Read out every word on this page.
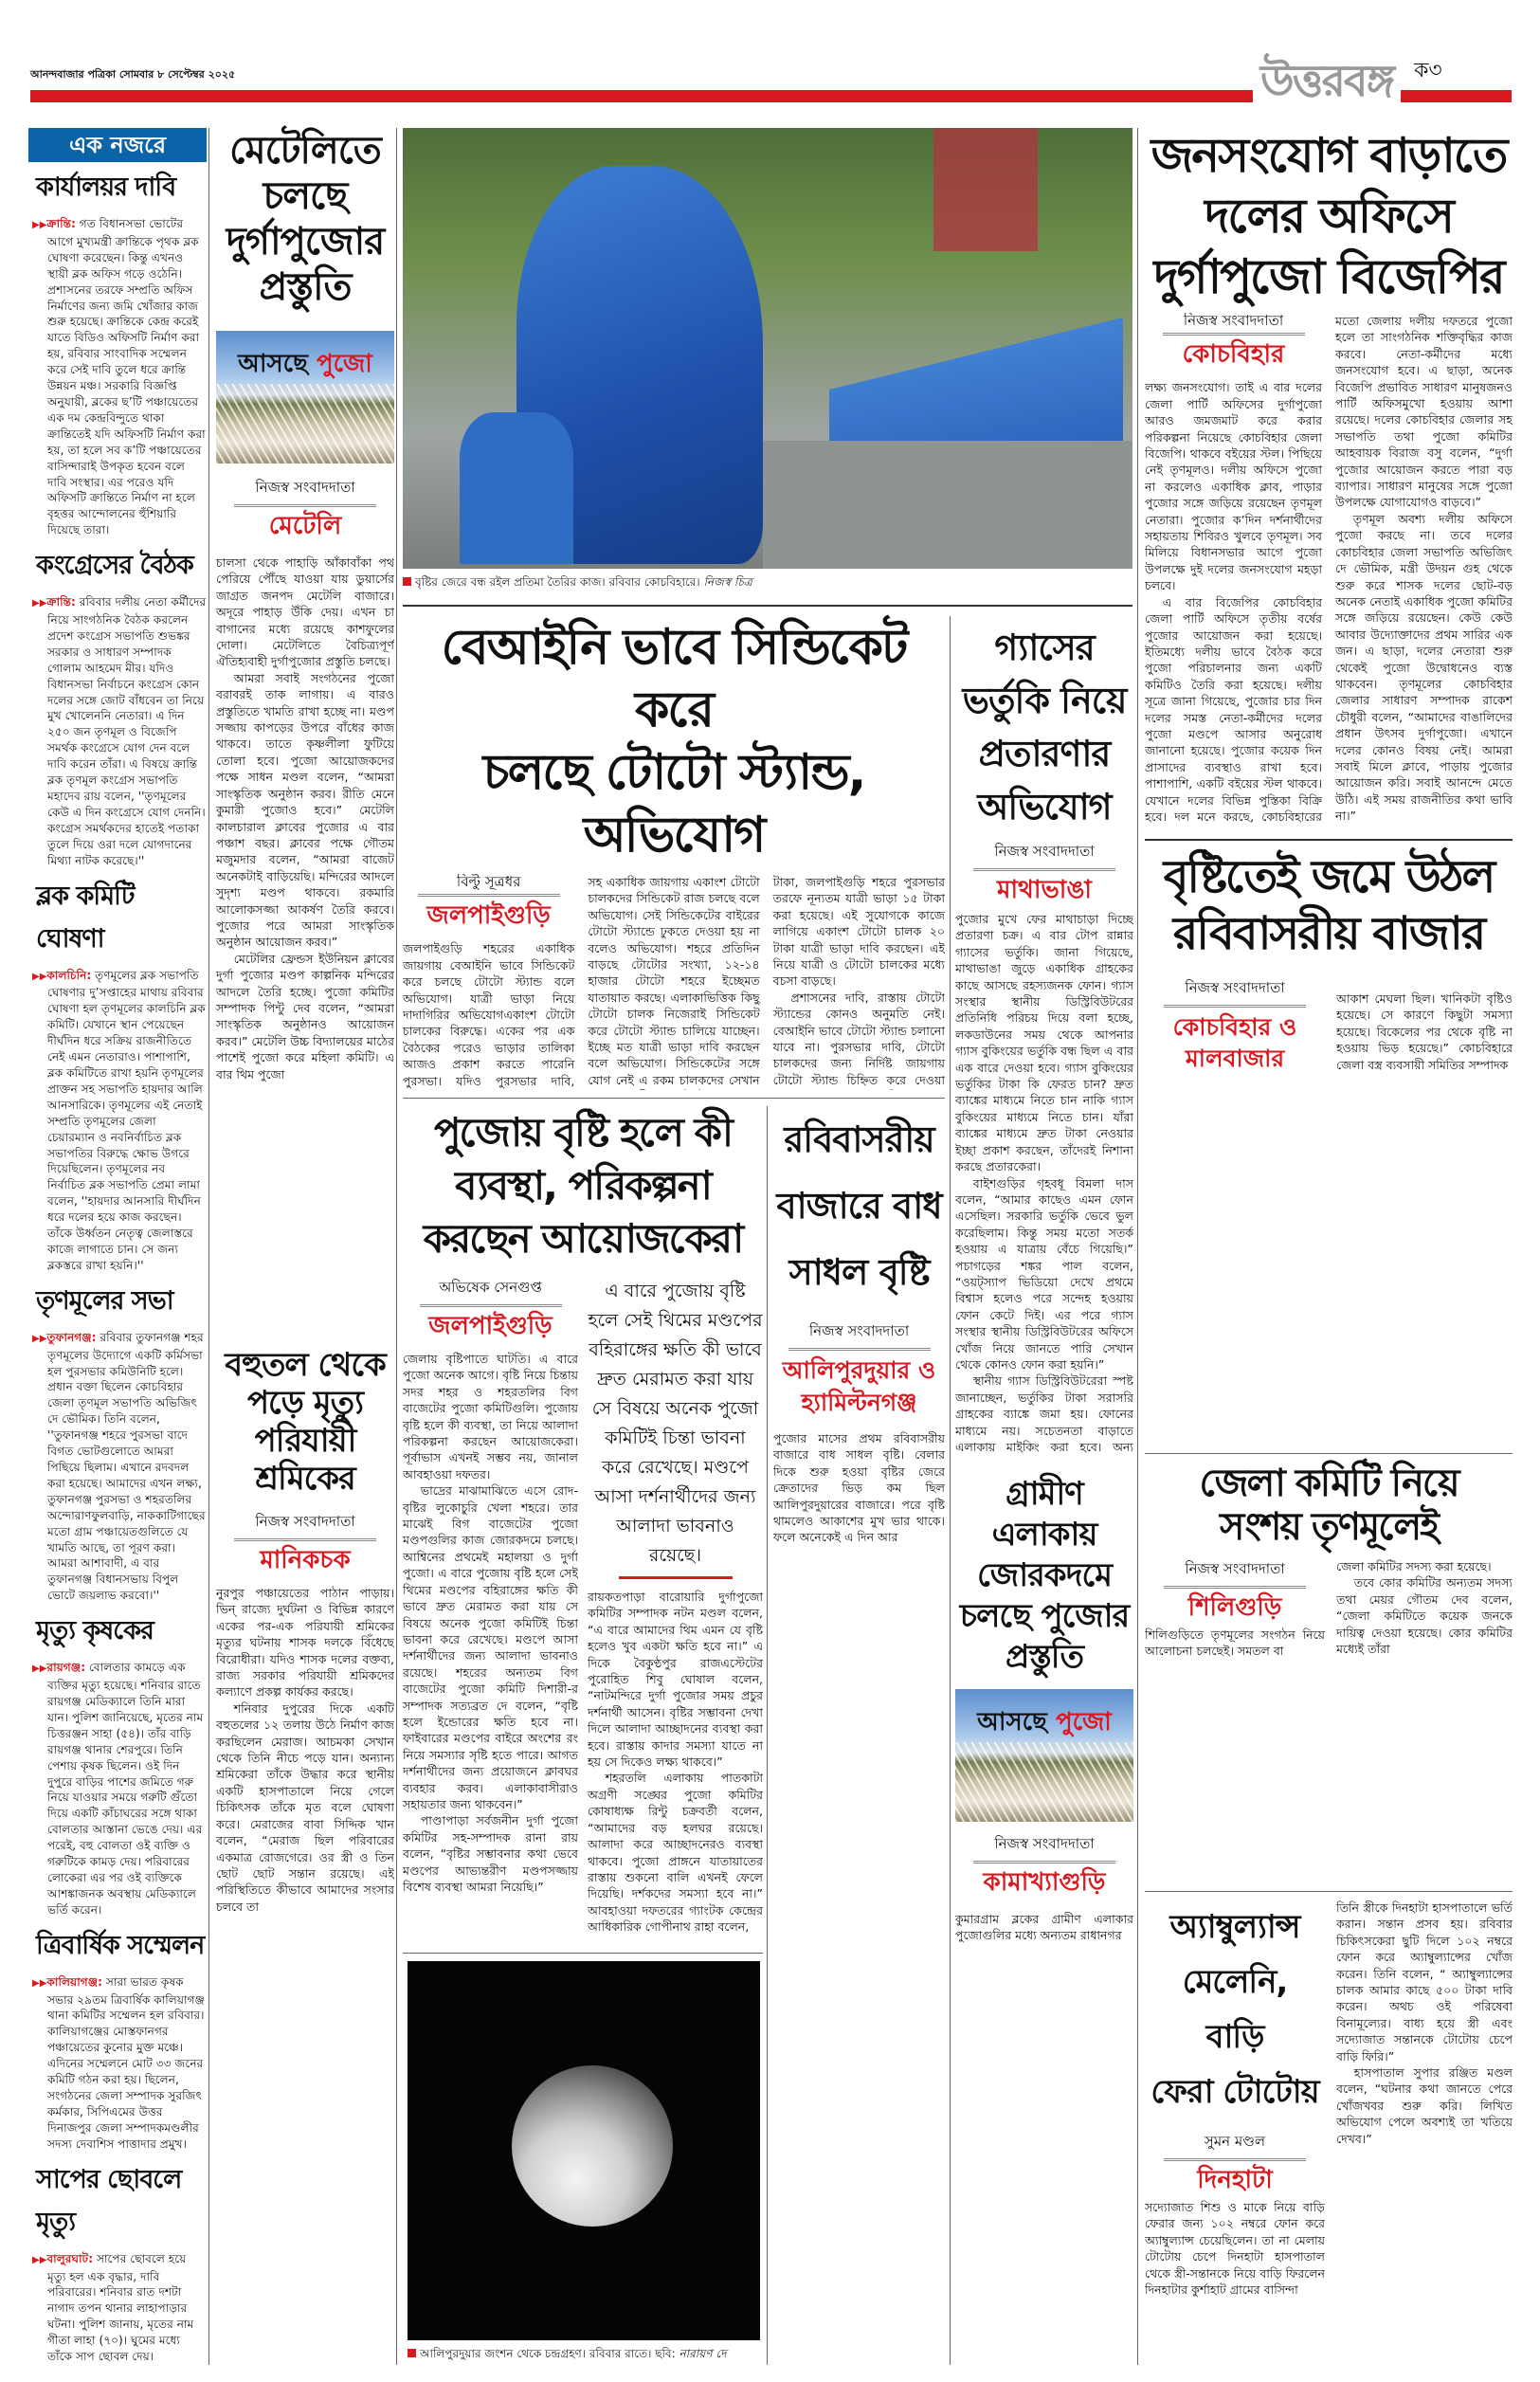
আনন্দবাজার পত্রিকা সোমবার ৮ সেপ্টেম্বর ২০২৫	উত্তরবঙ্গ	ক৩
এক নজরে
কার্যালয়র দাবি
▶▶ক্রান্তি: গত বিধানসভা ভোটের আগে মুখ্যমন্ত্রী ক্রান্তিকে পৃথক ব্লক ঘোষণা করেছেন। কিন্তু এখনও স্থায়ী ব্লক অফিস গড়ে ওঠেনি। প্রশাসনের তরফে সম্প্রতি অফিস নির্মাণের জন্য জমি খোঁজার কাজ শুরু হয়েছে। ক্রান্তিকে কেন্দ্র করেই যাতে বিডিও অফিসটি নির্মাণ করা হয়, রবিবার সাংবাদিক সম্মেলন করে সেই দাবি তুলে ধরে ক্রান্তি উন্নয়ন মঞ্চ। সরকারি বিজ্ঞপ্তি অনুযায়ী, ব্লকের ছ’টি পঞ্চায়েতের এক দম কেন্দ্রবিন্দুতে থাকা ক্রান্তিতেই যদি অফিসটি নির্মাণ করা হয়, তা হলে সব ক’টি পঞ্চায়েতের বাসিন্দারাই উপকৃত হবেন বলে দাবি সংস্থার। এর পরেও যদি অফিসটি ক্রান্তিতে নির্মাণ না হলে বৃহত্তর আন্দোলনের হুঁশিয়ারি দিয়েছে তারা।
কংগ্রেসের বৈঠক
▶▶ক্রান্তি: রবিবার দলীয় নেতা কর্মীদের নিয়ে সাংগঠনিক বৈঠক করলেন প্রদেশ কংগ্রেস সভাপতি শুভঙ্কর সরকার ও সাধারণ সম্পাদক গোলাম আহমেদ মীর। যদিও বিধানসভা নির্বাচনে কংগ্রেস কোন দলের সঙ্গে জোট বাঁধবেন তা নিয়ে মুখ খোলেননি নেতারা। এ দিন ২৫০ জন তৃণমূল ও বিজেপি সমর্থক কংগ্রেসে যোগ দেন বলে দাবি করেন তাঁরা। এ বিষয়ে ক্রান্তি ব্লক তৃণমূল কংগ্রেস সভাপতি মহাদেব রায় বলেন, ''তৃণমূলের কেউ এ দিন কংগ্রেসে যোগ দেননি। কংগ্রেস সমর্থকদের হাতেই পতাকা তুলে দিয়ে ওরা দলে যোগদানের মিথ্যা নাটক করেছে।''
ব্লক কমিটি ঘোষণা
▶▶কালচিনি: তৃণমূলের ব্লক সভাপতি ঘোষণার দু’সপ্তাহের মাথায় রবিবার ঘোষণা হল তৃণমূলের কালচিনি ব্লক কমিটি। যেখানে স্থান পেয়েছেন দীর্ঘদিন ধরে সক্রিয় রাজনীতিতে নেই এমন নেতারাও। পাশাপাশি, ব্লক কমিটিতে রাখা হয়নি তৃণমূলের প্রাক্তন সহ সভাপতি হায়দার আলি আনসারিকে। তৃণমূলের এই নেতাই সম্প্রতি তৃণমূলের জেলা চেয়ারম্যান ও নবনির্বাচিত ব্লক সভাপতির বিরুদ্ধে ক্ষোভ উগরে দিয়েছিলেন। তৃণমূলের নব নির্বাচিত ব্লক সভাপতি প্রেমা লামা বলেন, ''হায়দার আনসারি দীর্ঘদিন ধরে দলের হয়ে কাজ করছেন। তাঁকে উর্ধ্বতন নেতৃত্ব জেলাস্তরে কাজে লাগাতে চান। সে জন্য ব্লকস্তরে রাখা হয়নি।''
তৃণমূলের সভা
▶▶তুফানগঞ্জ: রবিবার তুফানগঞ্জ শহর তৃণমূলের উদ্যোগে একটি কর্মিসভা হল পুরসভার কমিউনিটি হলে। প্রধান বক্তা ছিলেন কোচবিহার জেলা তৃণমূল সভাপতি অভিজিৎ দে ভৌমিক। তিনি বলেন, ''তুফানগঞ্জ শহরে পুরসভা বাদে বিগত ভোটগুলোতে আমরা পিছিয়ে ছিলাম। এখানে রদবদল করা হয়েছে। আমাদের এখন লক্ষ্য, তুফানগঞ্জ পুরসভা ও শহরতলির অন্দোরাণফুলবাড়ি, নাককাটিগাছের মতো গ্রাম পঞ্চায়েতগুলিতে যে খামতি আছে, তা পূরণ করা। আমরা আশাবাদী, এ বার তুফানগঞ্জ বিধানসভায় বিপুল ভোটে জয়লাভ করবো।''
মৃত্যু কৃষকের
▶▶রায়গঞ্জ: বোলতার কামড়ে এক ব্যক্তির মৃত্যু হয়েছে। শনিবার রাতে রায়গঞ্জ মেডিক্যালে তিনি মারা যান। পুলিশ জানিয়েছে, মৃতের নাম চিত্তরঞ্জন সাহা (৫৪)। তাঁর বাড়ি রায়গঞ্জ থানার শেরপুরে। তিনি পেশায় কৃষক ছিলেন। ওই দিন দুপুরে বাড়ির পাশের জমিতে গরু নিয়ে যাওয়ার সময়ে গরুটি গুঁতো দিয়ে একটি কাঁচাঘরের সঙ্গে থাকা বোলতার আস্তানা ভেঙে দেয়। এর পরেই, বহু বোলতা ওই ব্যক্তি ও গরুটিকে কামড় দেয়। পরিবারের লোকেরা এর পর ওই ব্যক্তিকে আশঙ্কাজনক অবস্থায় মেডিক্যালে ভর্তি করেন।
ত্রিবার্ষিক সম্মেলন
▶▶কালিয়াগঞ্জ: সারা ভারত কৃষক সভার ২৯তম ত্রিবার্ষিক কালিয়াগঞ্জ থানা কমিটির সম্মেলন হল রবিবার। কালিয়াগঞ্জের মোস্তফানগর পঞ্চায়েতের কুনোর মুক্ত মঞ্চে। এদিনের সম্মেলনে মোট ৩৩ জনের কমিটি গঠন করা হয়। ছিলেন, সংগঠনের জেলা সম্পাদক সুরজিৎ কর্মকার, সিপিএমের উত্তর দিনাজপুর জেলা সম্পাদকমণ্ডলীর সদস্য দেবাশিস পাত্তাদার প্রমুখ।
সাপের ছোবলে মৃত্যু
▶▶বালুরঘাট: সাপের ছোবলে হয়ে মৃত্যু হল এক বৃদ্ধার, দাবি পরিবারের। শনিবার রাত দশটা নাগাদ তপন থানার লাহাপাড়ার ঘটনা। পুলিশ জানায়, মৃতের নাম গীতা লাহা (৭০)। ঘুমের মধ্যে তাঁকে সাপ ছোবল দেয়।
মেটেলিতে
চলছে
দুর্গাপুজোর
প্রস্তুতি
আসছে পুজো
নিজস্ব সংবাদদাতা
মেটেলি

চালসা থেকে পাহাড়ি আঁকাবাঁকা পথ পেরিয়ে পৌঁছে যাওয়া যায় ডুয়ার্সের জাগ্রত জনপদ মেটেলি বাজারে। অদূরে পাহাড় উঁকি দেয়। এখন চা বাগানের মধ্যে রয়েছে কাশফুলের দোলা। মেটেলিতে বৈচিত্র্যপূর্ণ ঐতিহ্যবাহী দুর্গাপুজোর প্রস্তুতি চলছে।

আমরা সবাই সংগঠনের পুজো বরাবরই তাক লাগায়। এ বারও প্রস্তুতিতে খামতি রাখা হচ্ছে না। মণ্ডপ সজ্জায় কাপড়ের উপরে বাঁধের কাজ থাকবে। তাতে কৃষ্ণলীলা ফুটিয়ে তোলা হবে। পুজো আয়োজকদের পক্ষে সাধন মণ্ডল বলেন, “আমরা সাংস্কৃতিক অনুষ্ঠান করব। রীতি মেনে কুমারী পুজোও হবে।” মেটেলি কালচারাল ক্লাবের পুজোর এ বার পঞ্চাশ বছর। ক্লাবের পক্ষে গৌতম মজুমদার বলেন, “আমরা বাজেট অনেকটাই বাড়িয়েছি। মন্দিরের আদলে সুদৃশ্য মণ্ডপ থাকবে। রকমারি আলোকসজ্জা আকর্ষণ তৈরি করবে। পুজোর পরে আমরা সাংস্কৃতিক অনুষ্ঠান আয়োজন করব।”

মেটেলির ফ্রেন্ডস ইউনিয়ন ক্লাবের দুর্গা পুজোর মণ্ডপ কাল্পনিক মন্দিরের আদলে তৈরি হচ্ছে। পুজো কমিটির সম্পাদক পিন্টু দেব বলেন, “আমরা সাংস্কৃতিক অনুষ্ঠানও আয়োজন করব।” মেটেলি উচ্চ বিদ্যালয়ের মাঠের পাশেই পুজো করে মহিলা কমিটি। এ বার থিম পুজো

বহুতল থেকে
পড়ে মৃত্যু
পরিযায়ী
শ্রমিকের
নিজস্ব সংবাদদাতা
মানিকচক

নুরপুর পঞ্চায়েতের পাঠান পাড়ায়। ভিন্ রাজ্যে দুর্ঘটনা ও বিভিন্ন কারণে একের পর-এক পরিযায়ী শ্রমিকের মৃত্যুর ঘটনায় শাসক দলকে বিঁধেছে বিরোধীরা। যদিও শাসক দলের বক্তব্য, রাজ্য সরকার পরিযায়ী শ্রমিকদের কল্যাণে প্রকল্প কার্যকর করছে।

শনিবার দুপুরের দিকে একটি বহুতলের ১২ তলায় উঠে নির্মাণ কাজ করছিলেন মেরাজ। আচমকা সেখান থেকে তিনি নীচে পড়ে যান। অন্যান্য শ্রমিকেরা তাঁকে উদ্ধার করে স্থানীয় একটি হাসপাতালে নিয়ে গেলে চিকিৎসক তাঁকে মৃত বলে ঘোষণা করে। মেরাজের বাবা সিদ্দিক খান বলেন, “মেরাজ ছিল পরিবারের একমাত্র রোজগেরে। ওর স্ত্রী ও তিন ছোট ছোট সন্তান রয়েছে। এই পরিস্থিতিতে কীভাবে আমাদের সংসার চলবে তা

বৃষ্টির জেরে বন্ধ রইল প্রতিমা তৈরির কাজ। রবিবার কোচবিহারে। নিজস্ব চিত্র
বেআইনি ভাবে সিন্ডিকেট করে
চলছে টোটো স্ট্যান্ড, অভিযোগ
বিল্টু সূত্রধর
জলপাইগুড়ি

জলপাইগুড়ি শহরের একাধিক জায়গায় বেআইনি ভাবে সিন্ডিকেট করে চলছে টোটো স্ট্যান্ড বলে অভিযোগ। যাত্রী ভাড়া নিয়ে দাদাগিরির অভিযোগএকাংশ টোটো চালকের বিরুদ্ধে। একের পর এক বৈঠকের পরেও ভাড়ার তালিকা আজও প্রকাশ করতে পারেনি পুরসভা। যদিও পুরসভার দাবি,

সহ একাধিক জায়গায় একাংশ টোটো চালকদের সিন্ডিকেট রাজ চলছে বলে অভিযোগ। সেই সিন্ডিকেটের বাইরের টোটো স্ট্যান্ডে ঢুকতে দেওয়া হয় না বলেও অভিযোগ। শহরে প্রতিদিন বাড়ছে টোটোর সংখ্যা, ১২-১৪ হাজার টোটো শহরে ইচ্ছেমত যাতায়াত করছে। এলাকাভিত্তিক কিছু টোটো চালক নিজেরাই সিন্ডিকেট করে টোটো স্ট্যান্ড চালিয়ে যাচ্ছেন। ইচ্ছে মত যাত্রী ভাড়া দাবি করছেন বলে অভিযোগ। সিন্ডিকেটের সঙ্গে যোগ নেই এ রকম চালকদের সেখান

টাকা, জলপাইগুড়ি শহরে পুরসভার তরফে নূন্যতম যাত্রী ভাড়া ১৫ টাকা করা হয়েছে। এই সুযোগকে কাজে লাগিয়ে একাংশ টোটো চালক ২০ টাকা যাত্রী ভাড়া দাবি করছেন। এই নিয়ে যাত্রী ও টোটো চালকের মধ্যে বচসা বাড়ছে।

প্রশাসনের দাবি, রাস্তায় টোটো স্ট্যান্ডের কোনও অনুমতি নেই। বেআইনি ভাবে টোটো স্ট্যান্ড চলানো যাবে না। পুরসভার দাবি, টোটো চালকদের জন্য নির্দিষ্ট জায়গায় টোটো স্ট্যান্ড চিহ্নিত করে দেওয়া

পুজোয় বৃষ্টি হলে কী
ব্যবস্থা, পরিকল্পনা
করছেন আয়োজকেরা
অভিষেক সেনগুপ্ত
জলপাইগুড়ি

জেলায় বৃষ্টিপাতে ঘাটতি। এ বারে পুজো অনেক আগে। বৃষ্টি নিয়ে চিন্তায় সদর শহর ও শহরতলির বিগ বাজেটের পুজো কমিটিগুলি। পুজোয় বৃষ্টি হলে কী ব্যবস্থা, তা নিয়ে আলাদা পরিকল্পনা করছেন আয়োজকেরা। পূর্বাভাস এখনই সম্ভব নয়, জানাল আবহাওয়া দফতর।

ভাদ্রের মাঝামাঝিতে এসে রোদ-বৃষ্টির লুকোচুরি খেলা শহরে। তার মাঝেই বিগ বাজেটের পুজো মণ্ডপগুলির কাজ জোরকদমে চলছে। আশ্বিনের প্রথমেই মহালয়া ও দুর্গা পুজো। এ বারে পুজোয় বৃষ্টি হলে সেই থিমের মণ্ডপের বহিরাঙ্গের ক্ষতি কী ভাবে দ্রুত মেরামত করা যায় সে বিষয়ে অনেক পুজো কমিটিই চিন্তা ভাবনা করে রেখেছে। মণ্ডপে আসা দর্শনার্থীদের জন্য আলাদা ভাবনাও রয়েছে। শহরের অন্যতম বিগ বাজেটের পুজো কমিটি দিশারী-র সম্পাদক সত্যব্রত দে বলেন, “বৃষ্টি হলে ইন্ডোরের ক্ষতি হবে না। ফাইবারের মণ্ডপের বাইরে অংশের রং নিয়ে সমস্যার সৃষ্টি হতে পারে। আগত দর্শনার্থীদের জন্য প্রয়োজনে ক্লাবঘর ব্যবহার করব। এলাকাবাসীরাও সহায়তার জন্য থাকবেন।”

পাণ্ডাপাড়া সর্বজনীন দুর্গা পুজো কমিটির সহ-সম্পাদক রানা রায় বলেন, “বৃষ্টির সম্ভাবনার কথা ভেবে মণ্ডপের আভ্যন্তরীণ মণ্ডপসজ্জায় বিশেষ ব্যবস্থা আমরা নিয়েছি।”

এ বারে পুজোয় বৃষ্টি হলে সেই থিমের মণ্ডপের বহিরাঙ্গের ক্ষতি কী ভাবে দ্রুত মেরামত করা যায় সে বিষয়ে অনেক পুজো কমিটিই চিন্তা ভাবনা করে রেখেছে। মণ্ডপে আসা দর্শনার্থীদের জন্য আলাদা ভাবনাও রয়েছে।

রায়কতপাড়া বারোয়ারি দুর্গাপুজো কমিটির সম্পাদক নটন মণ্ডল বলেন, “এ বারে আমাদের থিম এমন যে বৃষ্টি হলেও খুব একটা ক্ষতি হবে না।” এ দিকে বৈকুণ্ঠপুর রাজএস্টেটের পুরোহিত শিবু ঘোষাল বলেন, “নাটমন্দিরে দুর্গা পুজোর সময় প্রচুর দর্শনার্থী আসেন। বৃষ্টির সম্ভাবনা দেখা দিলে আলাদা আচ্ছাদনের ব্যবস্থা করা হবে। রাস্তায় কাদার সমস্যা যাতে না হয় সে দিকেও লক্ষ্য থাকবে।”

শহরতলি এলাকায় পাতকাটা অগ্রণী সঙ্ঘের পুজো কমিটির কোষাধ্যক্ষ রিন্টু চক্রবর্তী বলেন, “আমাদের বড় হলঘর রয়েছে। আলাদা করে আচ্ছাদনেরও ব্যবস্থা থাকবে। পুজো প্রাঙ্গনে যাতায়াতের রাস্তায় শুকনো বালি এখনই ফেলে দিয়েছি। দর্শকদের সমস্যা হবে না।” আবহাওয়া দফতরের গ্যাংটক কেন্দ্রের আধিকারিক গোপীনাথ রাহা বলেন,

আলিপুরদুয়ার জংশন থেকে চন্দ্রগ্রহণ। রবিবার রাতে। ছবি: নারায়ণ দে
রবিবাসরীয়
বাজারে বাধ
সাধল বৃষ্টি
নিজস্ব সংবাদদাতা
আলিপুরদুয়ার ও হ্যামিল্টনগঞ্জ

পুজোর মাসের প্রথম রবিবাসরীয় বাজারে বাধ সাধল বৃষ্টি। বেলার দিকে শুরু হওয়া বৃষ্টির জেরে ক্রেতাদের ভিড় কম ছিল আলিপুরদুয়ারের বাজারে। পরে বৃষ্টি থামলেও আকাশের মুখ ভার থাকে। ফলে অনেকেই এ দিন আর

গ্যাসের
ভর্তুকি নিয়ে
প্রতারণার
অভিযোগ
নিজস্ব সংবাদদাতা
মাথাভাঙা

পুজোর মুখে ফের মাথাচাড়া দিচ্ছে প্রতারণা চক্র। এ বার টোপ রান্নার গ্যাসের ভর্তুকি। জানা গিয়েছে, মাথাভাঙা জুড়ে একাধিক গ্রাহকের কাছে আসছে রহস্যজনক ফোন। গ্যাস সংস্থার স্থানীয় ডিস্ট্রিবিউটরের প্রতিনিধি পরিচয় দিয়ে বলা হচ্ছে, লকডাউনের সময় থেকে আপনার গ্যাস বুকিংয়ের ভর্তুকি বন্ধ ছিল এ বার এক বারে দেওয়া হবে। গ্যাস বুকিংয়ের ভর্তুকির টাকা কি ফেরত চান? দ্রুত ব্যাঙ্কের মাধ্যমে নিতে চান নাকি গ্যাস বুকিংয়ের মাধ্যমে নিতে চান। যাঁরা ব্যাঙ্কের মাধ্যমে দ্রুত টাকা নেওয়ার ইচ্ছা প্রকাশ করছেন, তাঁদেরই নিশানা করছে প্রতারকেরা।

বাইশগুড়ির গৃহবধূ বিমলা দাস বলেন, “আমার কাছেও এমন ফোন এসেছিল। সরকারি ভর্তুকি ভেবে ভুল করেছিলাম। কিন্তু সময় মতো সতর্ক হওয়ায় এ যাত্রায় বেঁচে গিয়েছি।” পচাগড়ের শঙ্কর পাল বলেন, “ওয়ট্স্যাপ ভিডিয়ো দেখে প্রথমে বিশ্বাস হলেও পরে সন্দেহ হওয়ায় ফোন কেটে দিই। এর পরে গ্যাস সংস্থার স্থানীয় ডিস্ট্রিবিউটরের অফিসে খোঁজ নিয়ে জানতে পারি সেখান থেকে কোনও ফোন করা হয়নি।”

স্থানীয় গ্যাস ডিস্ট্রিবিউটরেরা স্পষ্ট জানাচ্ছেন, ভর্তুকির টাকা সরাসরি গ্রাহকের ব্যাঙ্কে জমা হয়। ফোনের মাধ্যমে নয়। সচেতনতা বাড়াতে এলাকায় মাইকিং করা হবে। অন্য

গ্রামীণ
এলাকায়
জোরকদমে
চলছে পুজোর
প্রস্তুতি
আসছে পুজো
নিজস্ব সংবাদদাতা
কামাখ্যাগুড়ি

কুমারগ্রাম ব্লকের গ্রামীণ এলাকার পুজোগুলির মধ্যে অন্যতম রাধানগর

জনসংযোগ বাড়াতে
দলের অফিসে
দুর্গাপুজো বিজেপির
নিজস্ব সংবাদদাতা
কোচবিহার

লক্ষ্য জনসংযোগ। তাই এ বার দলের জেলা পার্টি অফিসের দুর্গাপুজো আরও জমজমাট করে করার পরিকল্পনা নিয়েছে কোচবিহার জেলা বিজেপি। থাকবে বইয়ের স্টল। পিছিয়ে নেই তৃণমূলও। দলীয় অফিসে পুজো না করলেও একাধিক ক্লাব, পাড়ার পুজোর সঙ্গে জড়িয়ে রয়েছেন তৃণমূল নেতারা। পুজোর ক’দিন দর্শনার্থীদের সহায়তায় শিবিরও খুলবে তৃণমূল। সব মিলিয়ে বিধানসভার আগে পুজো উপলক্ষে দুই দলের জনসংযোগ মহড়া চলবে।

এ বার বিজেপির কোচবিহার জেলা পার্টি অফিসে তৃতীয় বর্ষের পুজোর আয়োজন করা হয়েছে। ইতিমধ্যে দলীয় ভাবে বৈঠক করে পুজো পরিচালনার জন্য একটি কমিটিও তৈরি করা হয়েছে। দলীয় সূত্রে জানা গিয়েছে, পুজোর চার দিন দলের সমস্ত নেতা-কর্মীদের দলের পুজো মণ্ডপে আসার অনুরোধ জানানো হয়েছে। পুজোর কয়েক দিন প্রাসাদের ব্যবস্থাও রাখা হবে।পাশাপাশি, একটি বইয়ের স্টল থাকবে। যেখানে দলের বিভিন্ন পুস্তিকা বিক্রি হবে। দল মনে করছে, কোচবিহারের মতো জেলায় দলীয় দফতরে পুজো হলে তা সাংগঠনিক শক্তিবৃদ্ধির কাজ করবে। নেতা-কর্মীদের মধ্যে জনসংযোগ হবে। এ ছাড়া, অনেক বিজেপি প্রভাবিত সাধারণ মানুষজনও পার্টি অফিসমুখো হওয়ায় আশা রয়েছে। দলের কোচবিহার জেলার সহ সভাপতি তথা পুজো কমিটির আহবায়ক বিরাজ বসু বলেন, “দুর্গা পুজোর আয়োজন করতে পারা বড় ব্যাপার। সাধারণ মানুষের সঙ্গে পুজো উপলক্ষে যোগাযোগও বাড়বে।”

তৃণমূল অবশ্য দলীয় অফিসে পুজো করছে না। তবে দলের কোচবিহার জেলা সভাপতি অভিজিৎ দে ভৌমিক, মন্ত্রী উদয়ন গুহ থেকে শুরু করে শাসক দলের ছোট-বড় অনেক নেতাই একাধিক পুজো কমিটির সঙ্গে জড়িয়ে রয়েছেন। কেউ কেউ আবার উদ্যোক্তাদের প্রথম সারির এক জন। এ ছাড়া, দলের নেতারা শুরু থেকেই পুজো উদ্বোধনেও ব্যস্ত থাকবেন। তৃণমূলের কোচবিহার জেলার সাধারণ সম্পাদক রাকেশ চৌধুরী বলেন, “আমাদের বাঙালিদের প্রধান উৎসব দুর্গাপুজো। এখানে দলের কোনও বিষয় নেই। আমরা সবাই মিলে ক্লাবে, পাড়ায় পুজোর আয়োজন করি। সবাই আনন্দে মেতে উঠি। এই সময় রাজনীতির কথা ভাবি না।”

বৃষ্টিতেই জমে উঠল
রবিবাসরীয় বাজার
নিজস্ব সংবাদদাতা
কোচবিহার ও মালবাজার

আকাশ মেঘলা ছিল। খানিকটা বৃষ্টিও হয়েছে। সে কারণে কিছুটা সমস্যা হয়েছে। বিকেলের পর থেকে বৃষ্টি না হওয়ায় ভিড় হয়েছে।” কোচবিহারে জেলা বস্ত্র ব্যবসায়ী সমিতির সম্পাদক

জেলা কমিটি নিয়ে
সংশয় তৃণমূলেই
নিজস্ব সংবাদদাতা
শিলিগুড়ি
শিলিগুড়িতে তৃণমূলের সংগঠন নিয়ে আলোচনা চলছেই। সমতল বা

জেলা কমিটির সদস্য করা হয়েছে।

তবে কোর কমিটির অন্যতম সদস্য তথা মেয়র গৌতম দেব বলেন, “জেলা কমিটিতে কয়েক জনকে দায়িত্ব দেওয়া হয়েছে। কোর কমিটির মধ্যেই তাঁরা

অ্যাম্বুল্যান্স
মেলেনি,
বাড়ি
ফেরা টোটোয়
সুমন মণ্ডল
দিনহাটা
সদ্যোজাত শিশু ও মাকে নিয়ে বাড়ি ফেরার জন্য ১০২ নম্বরে ফোন করে অ্যাম্বুল্যান্স চেয়েছিলেন। তা না মেলায় টোটোয় চেপে দিনহাটা হাসপাতাল থেকে স্ত্রী-সন্তানকে নিয়ে বাড়ি ফিরলেন দিনহাটার কুর্শাহাট গ্রামের বাসিন্দা

তিনি স্ত্রীকে দিনহাটা হাসপাতালে ভর্তি করান। সন্তান প্রসব হয়। রবিবার চিকিৎসকেরা ছুটি দিলে ১০২ নম্বরে ফোন করে অ্যাম্বুল্যান্সের খোঁজ করেন। তিনি বলেন, “ অ্যাম্বুল্যান্সের চালক আমার কাছে ৫০০ টাকা দাবি করেন। অথচ ওই পরিষেবা বিনামূল্যের। বাধ্য হয়ে স্ত্রী এবং সদ্যোজাত সন্তানকে টোটোয় চেপে বাড়ি ফিরি।”

হাসপাতাল সুপার রঞ্জিত মণ্ডল বলেন, “ঘটনার কথা জানতে পেরে খোঁজখবর শুরু করি। লিখিত অভিযোগ পেলে অবশ্যই তা খতিয়ে দেখব।”
